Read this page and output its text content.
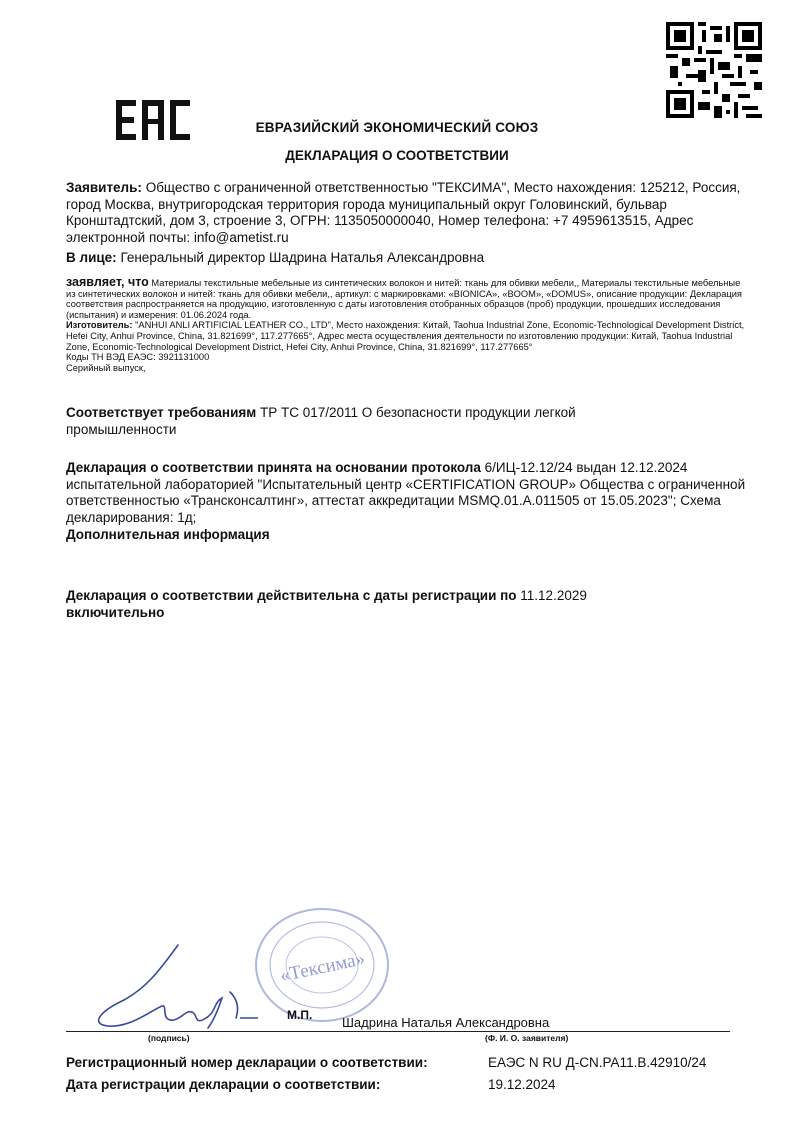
ЕВРАЗИЙСКИЙ ЭКОНОМИЧЕСКИЙ СОЮЗ
ДЕКЛАРАЦИЯ О СООТВЕТСТВИИ
Заявитель: Общество с ограниченной ответственностью "ТЕКСИМА", Место нахождения: 125212, Россия, город Москва, внутригородская территория города муниципальный округ Головинский, бульвар Кронштадтский, дом 3, строение 3, ОГРН: 1135050000040, Номер телефона: +7 4959613515, Адрес электронной почты: info@ametist.ru
В лице: Генеральный директор Шадрина Наталья Александровна
заявляет, что Материалы текстильные мебельные из синтетических волокон и нитей: ткань для обивки мебели,, Материалы текстильные мебельные из синтетических волокон и нитей: ткань для обивки мебели,, артикул: с маркировками: «BIONICA», «BOOM», «DOMUS», описание продукции: Декларация соответствия распространяется на продукцию, изготовленную с даты изготовления отобранных образцов (проб) продукции, прошедших исследования (испытания) и измерения: 01.06.2024 года.
Изготовитель: "ANHUI ANLI ARTIFICIAL LEATHER CO., LTD", Место нахождения: Китай, Taohua Industrial Zone, Economic-Technological Development District, Hefei City, Anhui Province, China, 31.821699°, 117.277665°, Адрес места осуществления деятельности по изготовлению продукции: Китай, Taohua Industrial Zone, Economic-Technological Development District, Hefei City, Anhui Province, China, 31.821699°, 117.277665°
Коды ТН ВЭД ЕАЭС: 3921131000
Серийный выпуск,
Соответствует требованиям ТР ТС 017/2011 О безопасности продукции легкой промышленности
Декларация о соответствии принята на основании протокола 6/ИЦ-12.12/24 выдан 12.12.2024 испытательной лабораторией "Испытательный центр «CERTIFICATION GROUP» Общества с ограниченной ответственностью «Трансконсалтинг», аттестат аккредитации MSMQ.01.A.011505 от 15.05.2023"; Схема декларирования: 1д;
Дополнительная информация
Декларация о соответствии действительна с даты регистрации по 11.12.2029
включительно
«Тексима»
М.П. Шадрина Наталья Александровна
(подпись)	(Ф. И. О. заявителя)
Регистрационный номер декларации о соответствии:	ЕАЭС N RU Д-CN.PA11.B.42910/24
Дата регистрации декларации о соответствии:	19.12.2024
